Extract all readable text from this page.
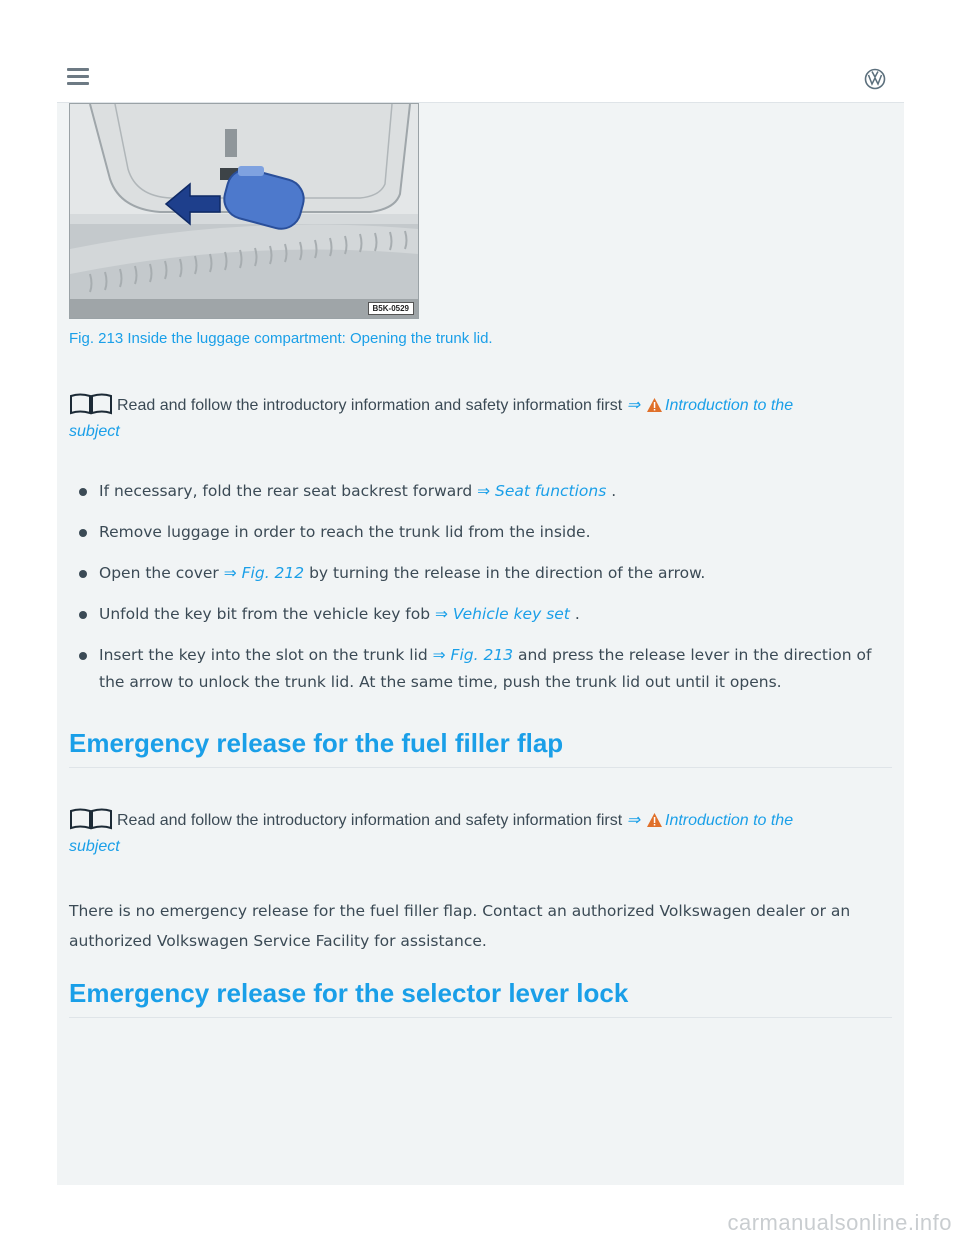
B5K-0529
Fig. 213 Inside the luggage compartment: Opening the trunk lid.
Read and follow the introductory information and safety information first ⇒ Introduction to the
subject
If necessary, fold the rear seat backrest forward ⇒ Seat functions .
Remove luggage in order to reach the trunk lid from the inside.
Open the cover ⇒ Fig. 212 by turning the release in the direction of the arrow.
Unfold the key bit from the vehicle key fob ⇒ Vehicle key set .
Insert the key into the slot on the trunk lid ⇒ Fig. 213 and press the release lever in the direction of the arrow to unlock the trunk lid. At the same time, push the trunk lid out until it opens.
Emergency release for the fuel filler flap
Read and follow the introductory information and safety information first ⇒ Introduction to the
subject
There is no emergency release for the fuel filler flap. Contact an authorized Volkswagen dealer or an authorized Volkswagen Service Facility for assistance.
Emergency release for the selector lever lock
carmanualsonline.info
